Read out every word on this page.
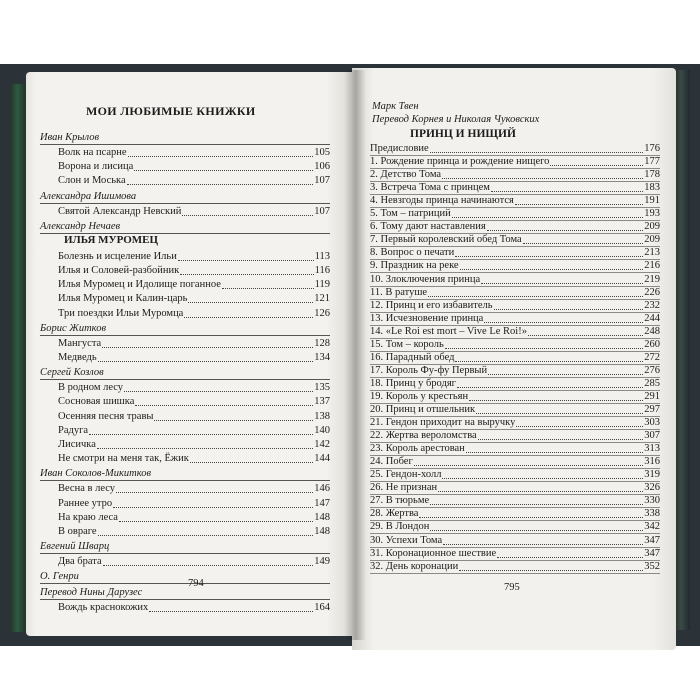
МОИ ЛЮБИМЫЕ КНИЖКИ
Иван Крылов
Волк на псарне	105
Ворона и лисица	106
Слон и Моська	107
Александра Ишимова
Святой Александр Невский	107
Александр Нечаев
ИЛЬЯ МУРОМЕЦ
Болезнь и исцеление Ильи	113
Илья и Соловей-разбойник	116
Илья Муромец и Идолище поганное	119
Илья Муромец и Калин-царь	121
Три поездки Ильи Муромца	126
Борис Житков
Мангуста	128
Медведь	134
Сергей Козлов
В родном лесу	135
Сосновая шишка	137
Осенняя песня травы	138
Радуга	140
Лисичка	142
Не смотри на меня так, Ёжик	144
Иван Соколов-Микитков
Весна в лесу	146
Раннее утро	147
На краю леса	148
В овраге	148
Евгений Шварц
Два брата	149
О. Генри
Перевод Нины Дарузес
Вождь краснокожих	164
794
Марк Твен
Перевод Корнея и Николая Чуковских
ПРИНЦ И НИЩИЙ
Предисловие	176
1. Рождение принца и рождение нищего	177
2. Детство Тома	178
3. Встреча Тома с принцем	183
4. Невзгоды принца начинаются	191
5. Том – патриций	193
6. Тому дают наставления	209
7. Первый королевский обед Тома	209
8. Вопрос о печати	213
9. Праздник на реке	216
10. Злоключения принца	219
11. В ратуше	226
12. Принц и его избавитель	232
13. Исчезновение принца	244
14. «Le Roi est mort – Vive Le Roi!»	248
15. Том – король	260
16. Парадный обед	272
17. Король Фу-фу Первый	276
18. Принц у бродяг	285
19. Король у крестьян	291
20. Принц и отшельник	297
21. Гендон приходит на выручку	303
22. Жертва вероломства	307
23. Король арестован	313
24. Побег	316
25. Гендон-холл	319
26. Не признан	326
27. В тюрьме	330
28. Жертва	338
29. В Лондон	342
30. Успехи Тома	347
31. Коронационное шествие	347
32. День коронации	352
795
